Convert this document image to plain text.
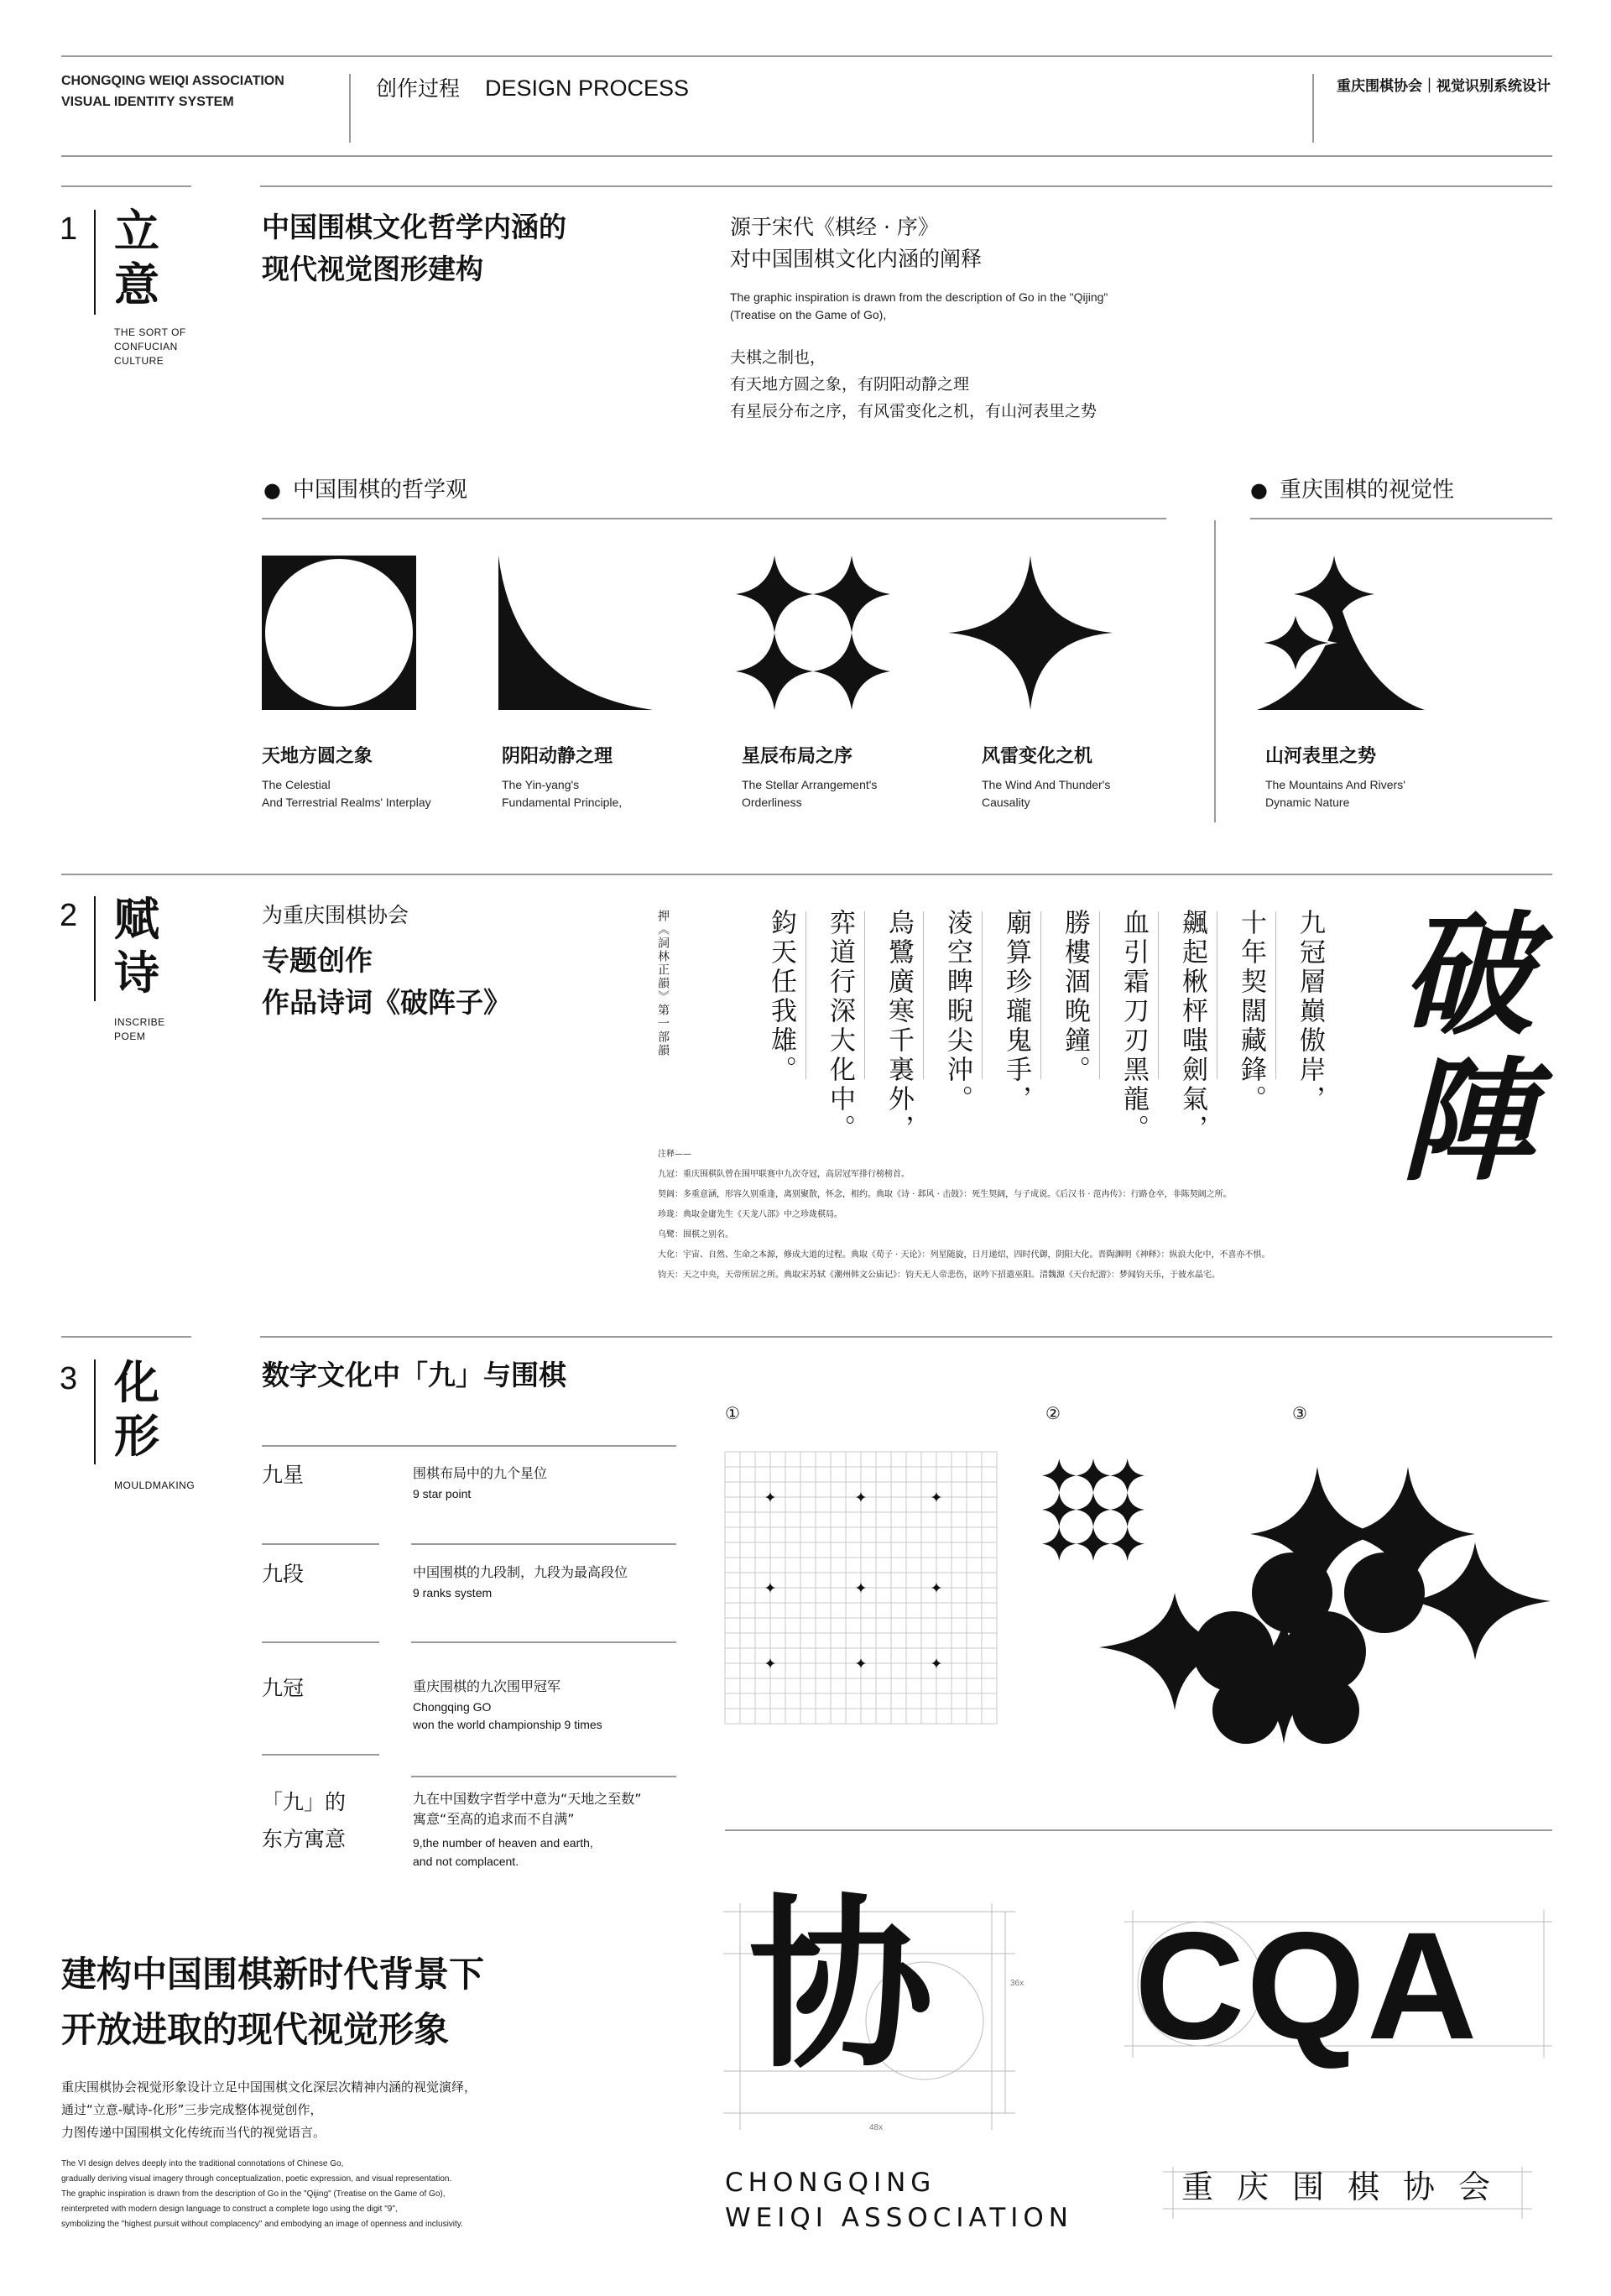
CHONGQING WEIQI ASSOCIATION
VISUAL IDENTITY SYSTEM
创作过程 DESIGN PROCESS	重庆围棋协会｜视觉识别系统设计
1 立意
THE SORT OF
CONFUCIAN
CULTURE
中国围棋文化哲学内涵的
现代视觉图形建构
源于宋代《棋经 · 序》
对中国围棋文化内涵的阐释
The graphic inspiration is drawn from the description of Go in the "Qijing"
(Treatise on the Game of Go),
夫棋之制也，
有天地方圆之象，有阴阳动静之理
有星辰分布之序，有风雷变化之机，有山河表里之势
● 中国围棋的哲学观
●	重庆围棋的视觉性
天地方圆之象
The Celestial
And Terrestrial Realms' Interplay
阴阳动静之理
The Yin-yang's
Fundamental Principle,
星辰布局之序
The Stellar Arrangement's
Orderliness
风雷变化之机
The Wind And Thunder's
Causality
山河表里之势
The Mountains And Rivers'
Dynamic Nature
2 赋诗
INSCRIBE
POEM
为重庆围棋协会
专题创作
作品诗词《破阵子》	押《詞林正韻》第一部韻	九冠層巔傲岸，
十年契闊藏鋒。
飆起楸枰嗤劍氣，
血引霜刀刃黑龍。
勝樓涸晚鐘。
廟算珍瓏鬼手，
淩空睥睨尖沖。
烏鷺廣寒千裏外，
弈道行深大化中。
鈞天任我雄。	破陣
注释——
九冠：重庆围棋队曾在围甲联赛中九次夺冠，高居冠军排行榜榜首。
契阔：多重意涵，形容久别重逢，离别聚散，怀念，相约。典取《诗 · 邶风 · 击鼓》：死生契阔，与子成说。《后汉书 · 范冉传》：行路仓卒，非陈契阔之所。
珍珑：典取金庸先生《天龙八部》中之珍珑棋局。
乌鹭：围棋之别名。
大化：宇宙、自然、生命之本源，修成大道的过程。典取《荀子 · 天论》：列星随旋，日月递炤，四时代御，阴阳大化。晋陶渊明《神释》：纵浪大化中，不喜亦不惧。
钧天：天之中央，天帝所居之所。典取宋苏轼《潮州韩文公庙记》：钧天无人帝悲伤，讴吟下招遣巫阳。清魏源《天台纪游》：梦闻钧天乐，于彼水晶宅。
3 化形
MOULDMAKING
数字文化中「九」与围棋
九星	围棋布局中的九个星位
9 star point
九段	中国围棋的九段制，九段为最高段位
9 ranks system
九冠	重庆围棋的九次围甲冠军
Chongqing GO
won the world championship 9 times
「九」的
东方寓意
九在中国数字哲学中意为“天地之至数”
寓意“至高的追求而不自满”
9,the number of heaven and earth,
and not complacent.
①	②	③
协	36x
48x
CQA
CHONGQING
WEIQI ASSOCIATION
重庆围棋协会
建构中国围棋新时代背景下
开放进取的现代视觉形象
重庆围棋协会视觉形象设计立足中国围棋文化深层次精神内涵的视觉演绎，
通过“立意-赋诗-化形”三步完成整体视觉创作，
力图传递中国围棋文化传统而当代的视觉语言。
The VI design delves deeply into the traditional connotations of Chinese Go,
gradually deriving visual imagery through conceptualization, poetic expression, and visual representation.
The graphic inspiration is drawn from the description of Go in the "Qijing" (Treatise on the Game of Go),
reinterpreted with modern design language to construct a complete logo using the digit "9",
symbolizing the "highest pursuit without complacency" and embodying an image of openness and inclusivity.
